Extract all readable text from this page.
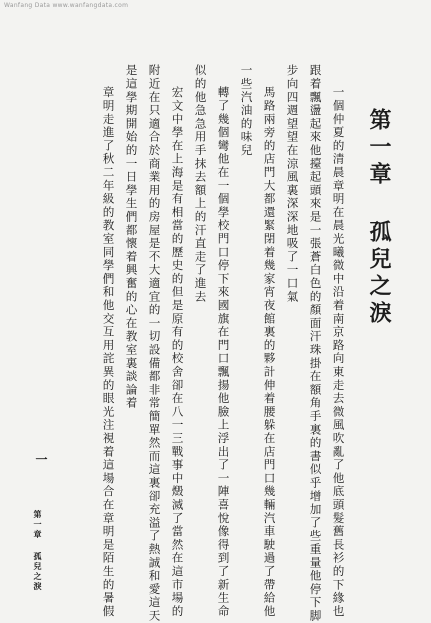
Wanfang Data www.wanfangdata.com
第一章 孤兒之淚
一個仲夏的清晨章明在晨光曦微中沿着南京路向東走去微風吹亂了他底頭髮舊長衫的下緣也
跟着飄盪起來他擡起頭來是一張蒼白色的顏面汗珠掛在額角手裏的書似乎增加了些重量他停下脚
步向四週望望在涼風裏深深地吸了一口氣
馬路兩旁的店門大都還緊閉着幾家宵夜館裏的夥計伸着腰躲在店門口幾輛汽車駛過了帶給他
一些汽油的味兒
轉了幾個彎他在一個學校門口停下來國旗在門口飄揚他臉上浮出了一陣喜悅像得到了新生命
似的他急急用手抹去額上的汗直走了進去
宏文中學在上海是有相當的歷史的但是原有的校舍卻在八一三戰事中燬滅了當然在這市場的
附近在只適合於商業用的房屋是不大適宜的一切設備都非常簡單然而這裏卻充溢了熱誠和愛這天
是這學期開始的一日學生們都懷着興奮的心在教室裏談論着
章明走進了秋二年級的教室同學們和他交互用詫異的眼光注視着這場合在章明是陌生的暑假
一
第一章 孤兒之淚
